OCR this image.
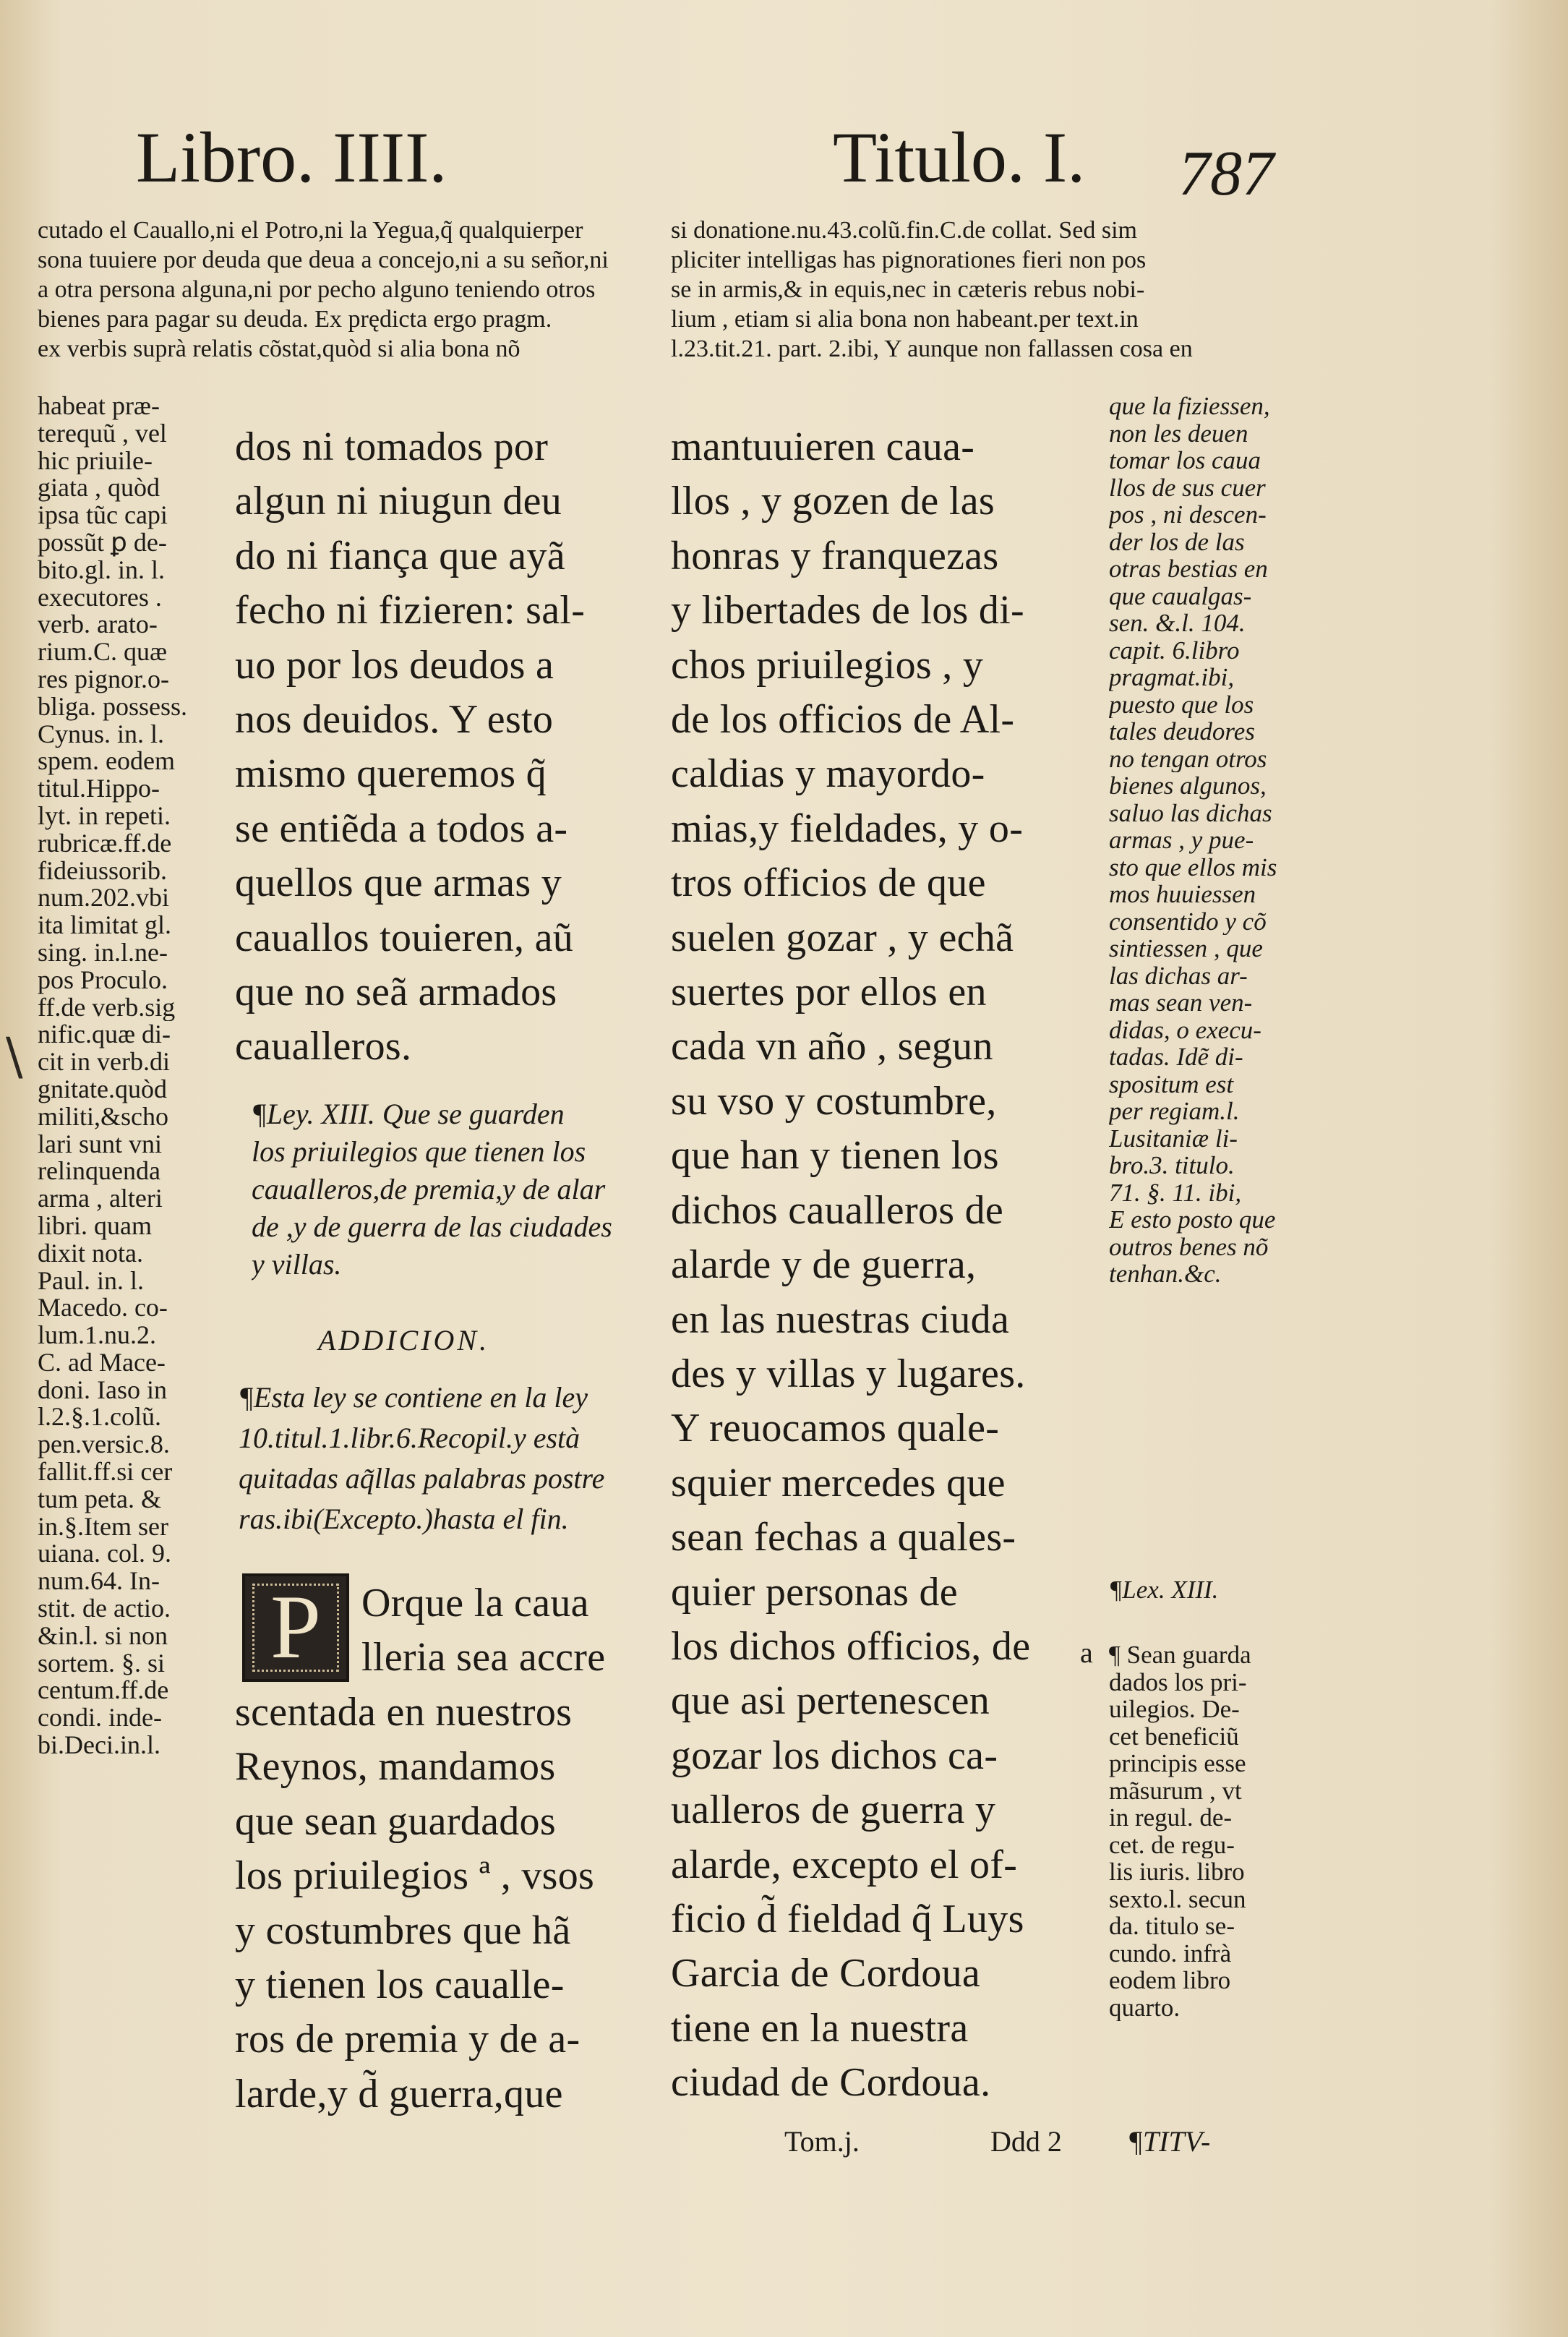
Libro. IIII.	Titulo. I. 787
cutado el Cauallo,ni el Potro,ni la Yegua,q̃ qualquierper
sona tuuiere por deuda que deua a concejo,ni a su señor,ni
a otra persona alguna,ni por pecho alguno teniendo otros
bienes para pagar su deuda. Ex prędicta ergo pragm.
ex verbis suprà relatis cõstat,quòd si alia bona nõ
si donatione.nu.43.colũ.fin.C.de collat. Sed sim
pliciter intelligas has pignorationes fieri non pos
se in armis,& in equis,nec in cæteris rebus nobi-
lium , etiam si alia bona non habeant.per text.in
l.23.tit.21. part. 2.ibi, Y aunque non fallassen cosa en
habeat præ-
terequũ , vel
hic priuile-
giata , quòd
ipsa tũc capi
possũt ꝑ de-
bito.gl. in. l.
executores .
verb. arato-
rium.C. quæ
res pignor.o-
bliga. possess.
Cynus. in. l.
spem. eodem
titul.Hippo-
lyt. in repeti.
rubricæ.ff.de
fideiussorib.
num.202.vbi
ita limitat gl.
sing. in.l.ne-
pos Proculo.
ff.de verb.sig
nific.quæ di-
cit in verb.di
gnitate.quòd
militi,&scho
lari sunt vni
relinquenda
arma , alteri
libri. quam
dixit nota.
Paul. in. l.
Macedo. co-
lum.1.nu.2.
C. ad Mace-
doni. Iaso in
l.2.§.1.colũ.
pen.versic.8.
fallit.ff.si cer
tum peta. &
in.§.Item ser
uiana. col. 9.
num.64. In-
stit. de actio.
&in.l. si non
sortem. §. si
centum.ff.de
condi. inde-
bi.Deci.in.l.
dos ni tomados por
algun ni niugun deu
do ni fiança que ayã
fecho ni fizieren: sal-
uo por los deudos a
nos deuidos. Y esto
mismo queremos q̃
se entiẽda a todos a-
quellos que armas y
cauallos touieren, aũ
que no seã armados
caualleros.
¶Ley. XIII. Que se guarden
los priuilegios que tienen los
caualleros,de premia,y de alar
de ,y de guerra de las ciudades
y villas.
ADDICION.
¶Esta ley se contiene en la ley
10.titul.1.libr.6.Recopil.y està
quitadas aq̃llas palabras postre
ras.ibi(Excepto.)hasta el fin.
P Orque la caua
lleria sea accre
scentada en nuestros
Reynos, mandamos
que sean guardados
los priuilegios ª , vsos
y costumbres que hã
y tienen los caualle-
ros de premia y de a-
larde,y d̃ guerra,que
mantuuieren caua-
llos , y gozen de las
honras y franquezas
y libertades de los di-
chos priuilegios , y
de los officios de Al-
caldias y mayordo-
mias,y fieldades, y o-
tros officios de que
suelen gozar , y echã
suertes por ellos en
cada vn año , segun
su vso y costumbre,
que han y tienen los
dichos caualleros de
alarde y de guerra,
en las nuestras ciuda
des y villas y lugares.
Y reuocamos quale-
squier mercedes que
sean fechas a quales-
quier personas de
los dichos officios, de
que asi pertenescen
gozar los dichos ca-
ualleros de guerra y
alarde, excepto el of-
ficio d̃ fieldad q̃ Luys
Garcia de Cordoua
tiene en la nuestra
ciudad de Cordoua.
a
que la fiziessen,
non les deuen
tomar los caua
llos de sus cuer
pos , ni descen-
der los de las
otras bestias en
que caualgas-
sen. &.l. 104.
capit. 6.libro
pragmat.ibi,
puesto que los
tales deudores
no tengan otros
bienes algunos,
saluo las dichas
armas , y pue-
sto que ellos mis
mos huuiessen
consentido y cõ
sintiessen , que
las dichas ar-
mas sean ven-
didas, o execu-
tadas. Idẽ di-
spositum est
per regiam.l.
Lusitaniæ li-
bro.3. titulo.
71. §. 11. ibi,
E esto posto que
outros benes nõ
tenhan.&c.
¶Lex. XIII.
¶ Sean guarda
dados los pri-
uilegios. De-
cet beneficiũ
principis esse
mãsurum , vt
in regul. de-
cet. de regu-
lis iuris. libro
sexto.l. secun
da. titulo se-
cundo. infrà
eodem libro
quarto.
\
Tom.j.	Ddd 2 ¶TITV-
